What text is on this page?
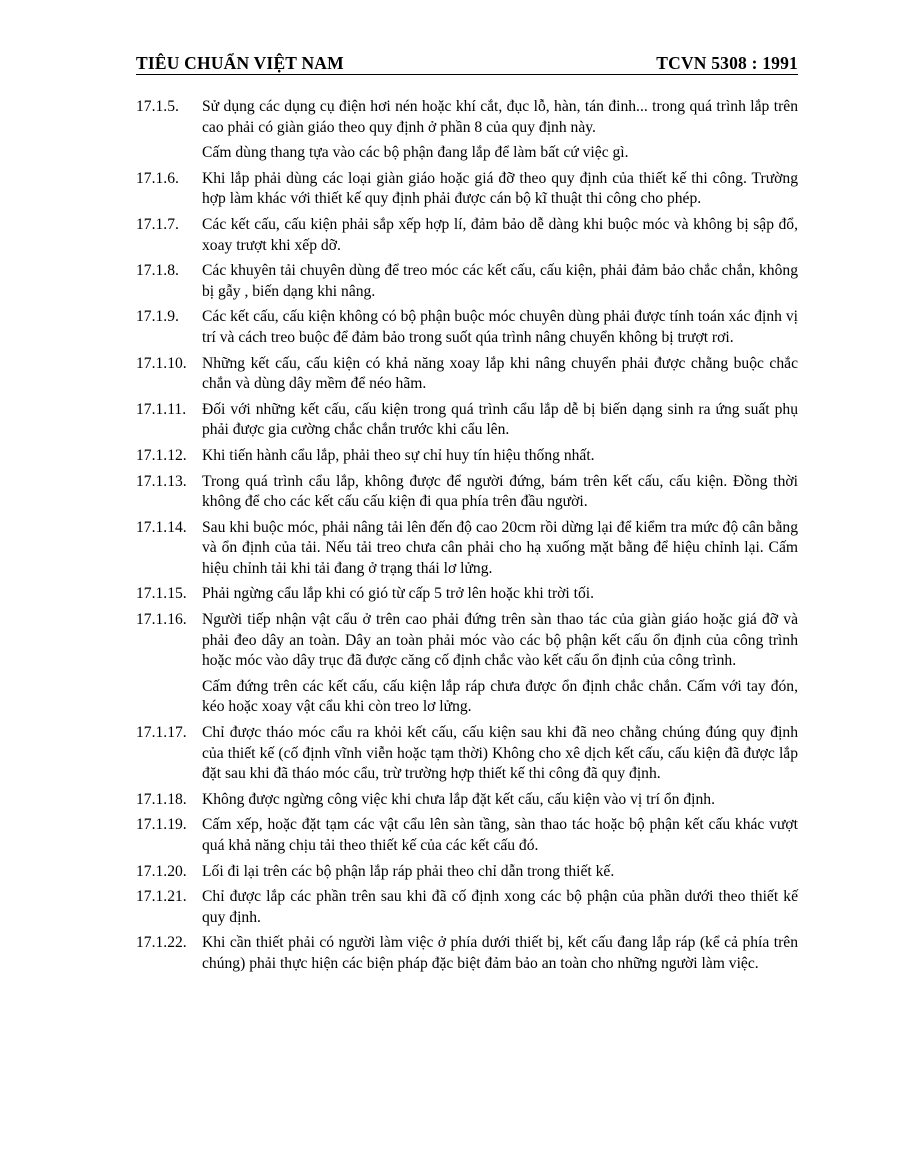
TIÊU CHUẨN VIỆT NAM	TCVN 5308 : 1991
17.1.5.	Sử dụng các dụng cụ điện hơi nén hoặc khí cắt, đục lỗ, hàn, tán đinh... trong quá trình lắp trên cao phải có giàn giáo theo quy định ở phần 8 của quy định này.

Cấm dùng thang tựa vào các bộ phận đang lắp để làm bất cứ việc gì.

17.1.6.	Khi lắp phải dùng các loại giàn giáo hoặc giá đỡ theo quy định của thiết kế thi công. Trường hợp làm khác với thiết kế quy định phải được cán bộ kĩ thuật thi công cho phép.

17.1.7.	Các kết cấu, cấu kiện phải sắp xếp hợp lí, đảm bảo dễ dàng khi buộc móc và không bị sập đổ, xoay trượt khi xếp dỡ.

17.1.8.	Các khuyên tải chuyên dùng để treo móc các kết cấu, cấu kiện, phải đảm bảo chắc chắn, không bị gẫy , biến dạng khi nâng.

17.1.9.	Các kết cấu, cấu kiện không có bộ phận buộc móc chuyên dùng phải được tính toán xác định vị trí và cách treo buộc để đảm bảo trong suốt qúa trình nâng chuyển không bị trượt rơi.

17.1.10. Những kết cấu, cấu kiện có khả năng xoay lắp khi nâng chuyển phải được chằng buộc chắc chắn và dùng dây mềm để néo hãm.

17.1.11.	Đối với những kết cấu, cấu kiện trong quá trình cẩu lắp dễ bị biến dạng sinh ra ứng suất phụ phải được gia cường chắc chắn trước khi cẩu lên.

17.1.12. Khi tiến hành cẩu lắp, phải theo sự chỉ huy tín hiệu thống nhất.

17.1.13. Trong quá trình cẩu lắp, không được để người đứng, bám trên kết cấu, cấu kiện. Đồng thời không để cho các kết cấu cấu kiện đi qua phía trên đầu người.

17.1.14. Sau khi buộc móc, phải nâng tải lên đến độ cao 20cm rồi dừng lại để kiểm tra mức độ cân bằng và ổn định của tải. Nếu tải treo chưa cân phải cho hạ xuống mặt bằng để hiệu chỉnh lại. Cấm hiệu chỉnh tải khi tải đang ở trạng thái lơ lửng.

17.1.15. Phải ngừng cẩu lắp khi có gió từ cấp 5 trở lên hoặc khi trời tối.

17.1.16. Người tiếp nhận vật cẩu ở trên cao phải đứng trên sàn thao tác của giàn giáo hoặc giá đỡ và phải đeo dây an toàn. Dây an toàn phải móc vào các bộ phận kết cấu ổn định của công trình hoặc móc vào dây trục đã được căng cố định chắc vào kết cấu ổn định của công trình.

Cấm đứng trên các kết cấu, cấu kiện lắp ráp chưa được ổn định chắc chắn. Cấm với tay đón, kéo hoặc xoay vật cẩu khi còn treo lơ lửng.

17.1.17. Chỉ được tháo móc cẩu ra khỏi kết cấu, cấu kiện sau khi đã neo chằng chúng đúng quy định của thiết kế (cố định vĩnh viễn hoặc tạm thời) Không cho xê dịch kết cấu, cấu kiện đã được lắp đặt sau khi đã tháo móc cẩu, trừ trường hợp thiết kế thi công đã quy định.

17.1.18. Không được ngừng công việc khi chưa lắp đặt kết cấu, cấu kiện vào vị trí ổn định.

17.1.19. Cấm xếp, hoặc đặt tạm các vật cẩu lên sàn tầng, sàn thao tác hoặc bộ phận kết cấu khác vượt quá khả năng chịu tải theo thiết kế của các kết cấu đó.

17.1.20. Lối đi lại trên các bộ phận lắp ráp phải theo chỉ dẫn trong thiết kế.

17.1.21. Chỉ được lắp các phần trên sau khi đã cố định xong các bộ phận của phần dưới theo thiết kế quy định.

17.1.22. Khi cần thiết phải có người làm việc ở phía dưới thiết bị, kết cấu đang lắp ráp (kể cả phía trên chúng) phải thực hiện các biện pháp đặc biệt đảm bảo an toàn cho những người làm việc.
